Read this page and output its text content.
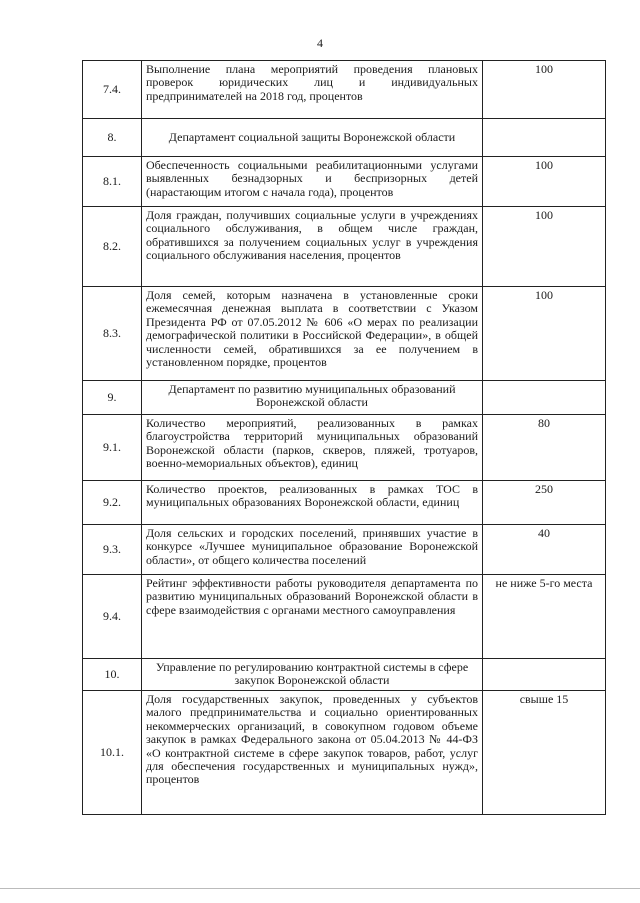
4
7.4.	Выполнение плана мероприятий проведения плановых проверок юридических лиц и индивидуальных предпринимателей на 2018 год, процентов	100
8.	Департамент социальной защиты Воронежской области	
8.1.	Обеспеченность социальными реабилитационными услугами выявленных безнадзорных и беспризорных детей (нарастающим итогом с начала года), процентов	100
8.2.	Доля граждан, получивших социальные услуги в учреждениях социального обслуживания, в общем числе граждан, обратившихся за получением социальных услуг в учреждения социального обслуживания населения, процентов	100
8.3.	Доля семей, которым назначена в установленные сроки ежемесячная денежная выплата в соответствии с Указом Президента РФ от 07.05.2012 № 606 «О мерах по реализации демографической политики в Российской Федерации», в общей численности семей, обратившихся за ее получением в установленном порядке, процентов	100
9.	Департамент по развитию муниципальных образований Воронежской области	
9.1.	Количество мероприятий, реализованных в рамках благоустройства территорий муниципальных образований Воронежской области (парков, скверов, пляжей, тротуаров, военно-мемориальных объектов), единиц	80
9.2.	Количество проектов, реализованных в рамках ТОС в муниципальных образованиях Воронежской области, единиц	250
9.3.	Доля сельских и городских поселений, принявших участие в конкурсе «Лучшее муниципальное образование Воронежской области», от общего количества поселений	40
9.4.	Рейтинг эффективности работы руководителя департамента по развитию муниципальных образований Воронежской области в сфере взаимодействия с органами местного самоуправления	не ниже 5-го места
10.	Управление по регулированию контрактной системы в сфере закупок Воронежской области	
10.1.	Доля государственных закупок, проведенных у субъектов малого предпринимательства и социально ориентированных некоммерческих организаций, в совокупном годовом объеме закупок в рамках Федерального закона от 05.04.2013 № 44-ФЗ «О контрактной системе в сфере закупок товаров, работ, услуг для обеспечения государственных и муниципальных нужд», процентов	свыше 15
